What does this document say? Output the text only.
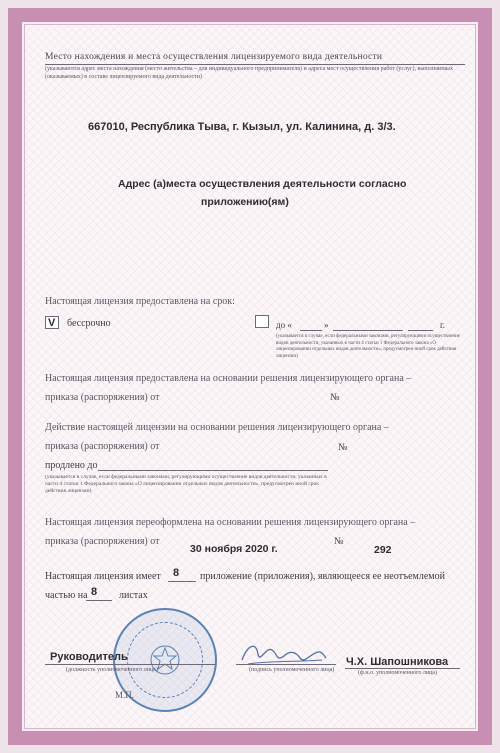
Место нахождения и места осуществления лицензируемого вида деятельности
(указываются адрес места нахождения (место жительства – для индивидуального предпринимателя) и адреса мест осуществления работ (услуг), выполняемых (оказываемых) в составе лицензируемого вида деятельности)
667010, Республика Тыва, г. Кызыл, ул. Калинина, д. 3/3.
Адрес (а)места осуществления деятельности согласно
приложению(ям)
Настоящая лицензия предоставлена на срок:
V бессрочно	до «	»	г.
(указывается в случае, если федеральными законами, регулирующими осуществление видов деятельности, указанных в части 4 статьи 1 Федерального закона «О лицензировании отдельных видов деятельности», предусмотрен иной срок действия лицензии)
Настоящая лицензия предоставлена на основании решения лицензирующего органа –
приказа (распоряжения) от	№
Действие настоящей лицензии на основании решения лицензирующего органа –
приказа (распоряжения) от	№
продлено до
(указывается в случае, если федеральными законами, регулирующими осуществление видов деятельности, указанных в части 4 статьи 1 Федерального закона «О лицензировании отдельных видов деятельности», предусмотрен иной срок действия лицензии)
Настоящая лицензия переоформлена на основании решения лицензирующего органа –
приказа (распоряжения) от
30 ноября 2020 г.
№
292
Настоящая лицензия имеет 8 приложение (приложения), являющееся ее неотъемлемой
частью на 8 листах
Руководитель
(должность уполномоченного лица)	(подпись уполномоченного лица)
Ч.Х. Шапошникова
(ф.и.о. уполномоченного лица)
М.П.
